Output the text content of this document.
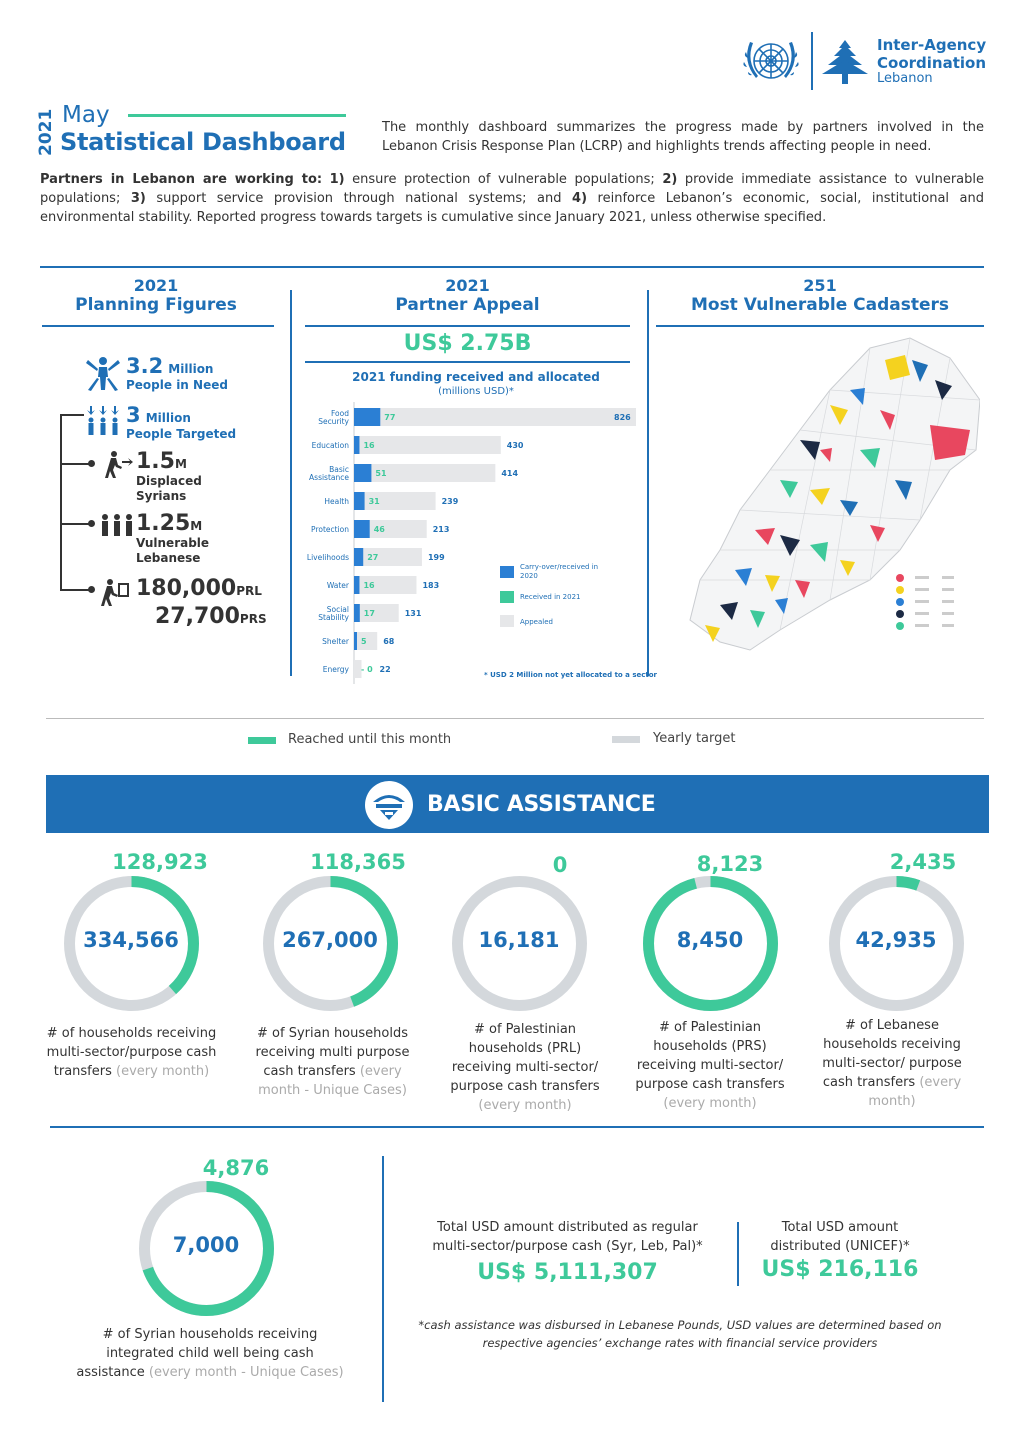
2021 May
Statistical Dashboard
The monthly dashboard summarizes the progress made by partners involved in the Lebanon Crisis Response Plan (LCRP) and highlights trends affecting people in need.
Partners in Lebanon are working to: 1) ensure protection of vulnerable populations; 2) provide immediate assistance to vulnerable populations; 3) support service provision through national systems; and 4) reinforce Lebanon’s economic, social, institutional and environmental stability. Reported progress towards targets is cumulative since January 2021, unless otherwise specified.
Inter-Agency
Coordination
Lebanon
2021
Planning Figures
3.2 Million
People in Need
3 Million
People Targeted
1.5M
Displaced
Syrians
1.25M
Vulnerable
Lebanese
180,000PRL
27,700PRS
2021
Partner Appeal
US$ 2.75B
2021 funding received and allocated
(millions USD)*
Food
Security	77	826
Education 16	430
Basic
Assistance	51	414
Health 31	239
Protection	46	213
Livelihoods 27	199
Water 16	183
Social
Stability 17	131
Shelter 5 68
Energy - 0 22
Carry-over/received in 2020
Received in 2021
Appealed
* USD 2 Million not yet allocated to a sector
251
Most Vulnerable Cadasters
Reached until this month	Yearly target
BASIC ASSISTANCE
334,566
128,923
# of households receiving multi-sector/purpose cash transfers (every month)
267,000
118,365
# of Syrian households receiving multi purpose cash transfers (every month - Unique Cases)
16,181
0
# of Palestinian households (PRL) receiving multi-sector/ purpose cash transfers (every month)
8,450
8,123
# of Palestinian households (PRS) receiving multi-sector/ purpose cash transfers (every month)
42,935
2,435
# of Lebanese households receiving multi-sector/ purpose cash transfers (every month)
7,000
4,876
# of Syrian households receiving integrated child well being cash assistance (every month - Unique Cases)
Total USD amount distributed as regular multi-sector/purpose cash (Syr, Leb, Pal)*
US$ 5,111,307
Total USD amount distributed (UNICEF)*
US$ 216,116
*cash assistance was disbursed in Lebanese Pounds, USD values are determined based on respective agencies’ exchange rates with financial service providers
